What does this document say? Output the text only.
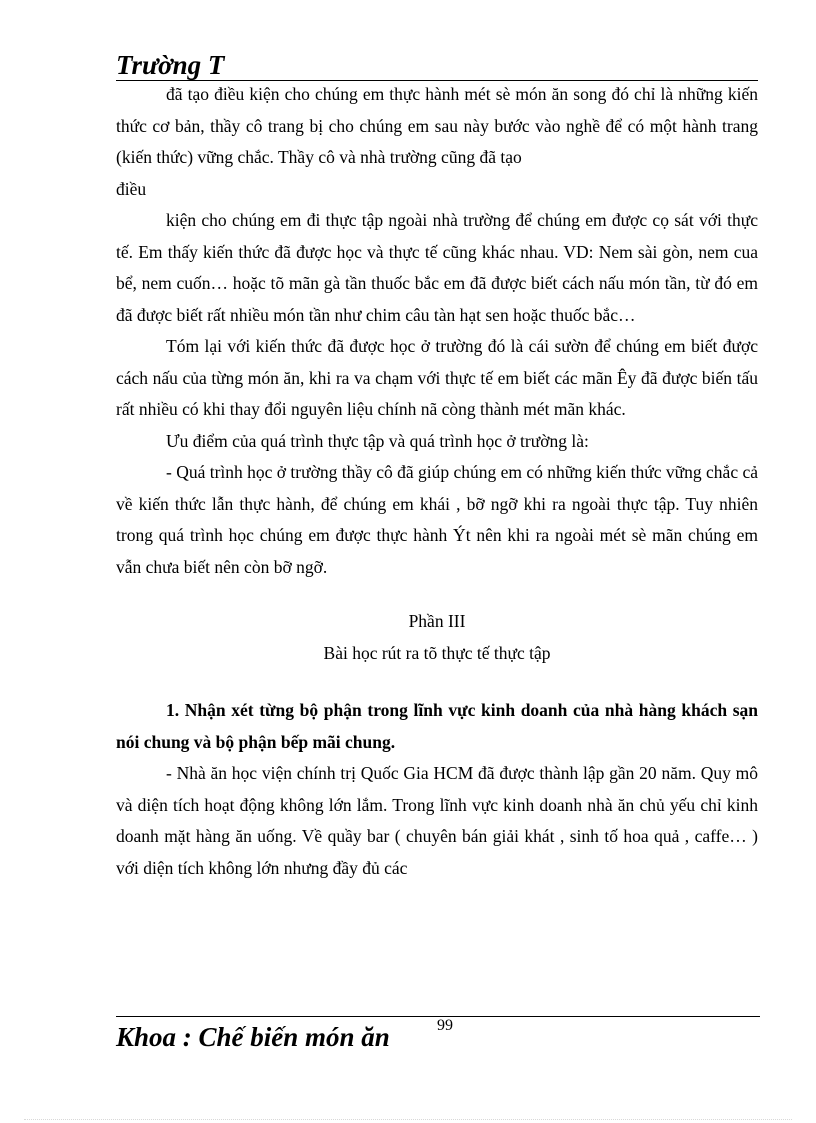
Trường T

đã tạo điều kiện cho chúng em thực hành mét sè món ăn song đó chỉ là những kiến thức cơ bản, thầy cô trang bị cho chúng em sau này bước vào nghề để có một hành trang (kiến thức) vững chắc. Thầy cô và nhà trường cũng đã tạo

điều

kiện cho chúng em đi thực tập ngoài nhà trường để chúng em được cọ sát với thực tế. Em thấy kiến thức đã được học và thực tế cũng khác nhau. VD: Nem sài gòn, nem cua bể, nem cuốn… hoặc tõ mãn gà tần thuốc bắc em đã được biết cách nấu món tần, từ đó em đã được biết rất nhiều món tần như chim câu tàn hạt sen hoặc thuốc bắc…

Tóm lại với kiến thức đã được học ở trường đó là cái sườn để chúng em biết được cách nấu của từng món ăn, khi ra va chạm với thực tế em biết các mãn Êy đã được biến tấu rất nhiều có khi thay đổi nguyên liệu chính nã còng thành mét mãn khác.

Ưu điểm của quá trình thực tập và quá trình học ở trường là:

- Quá trình học ở trường thầy cô đã giúp chúng em có những kiến thức vững chắc cả về kiến thức lẫn thực hành, để chúng em khái , bỡ ngỡ khi ra ngoài thực tập. Tuy nhiên trong quá trình học chúng em được thực hành Ýt nên khi ra ngoài mét sè mãn chúng em vẫn chưa biết nên còn bỡ ngỡ.

Phần III

Bài học rút ra tõ thực tế thực tập

1. Nhận xét từng bộ phận trong lĩnh vực kinh doanh của nhà hàng khách sạn nói chung và bộ phận bếp mãi chung.

- Nhà ăn học viện chính trị Quốc Gia HCM đã được thành lập gần 20 năm. Quy mô và diện tích hoạt động không lớn lắm. Trong lĩnh vực kinh doanh nhà ăn chủ yếu chỉ kinh doanh mặt hàng ăn uống. Về quầy bar ( chuyên bán giải khát , sinh tố hoa quả , caffe… ) với diện tích không lớn nhưng đầy đủ các

Khoa : Chế biến món ăn	99
